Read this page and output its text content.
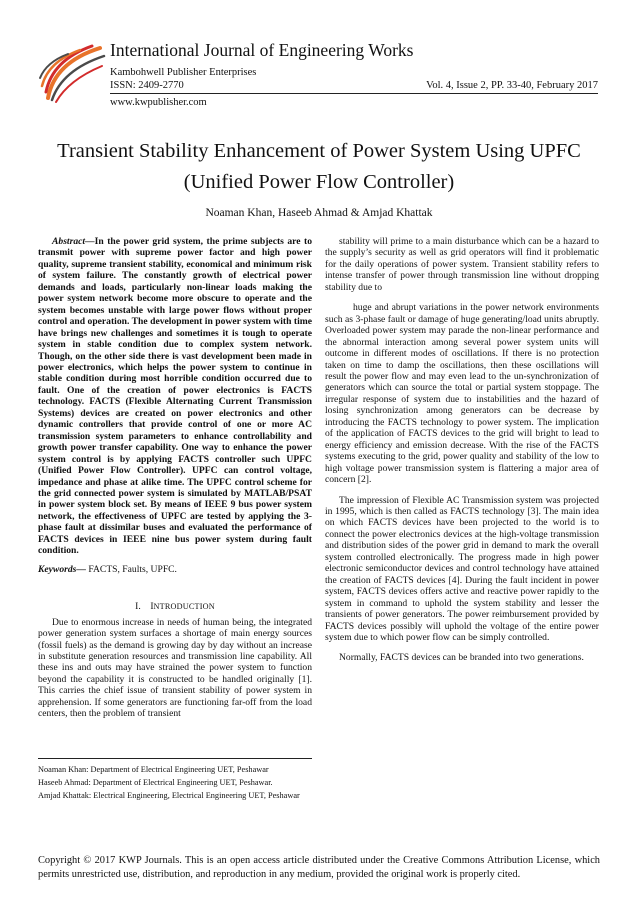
International Journal of Engineering Works
Kambohwell Publisher Enterprises
ISSN: 2409-2770	Vol. 4, Issue 2, PP. 33-40, February 2017
www.kwpublisher.com
Transient Stability Enhancement of Power System Using UPFC
(Unified Power Flow Controller)
Noaman Khan, Haseeb Ahmad & Amjad Khattak

Abstract—In the power grid system, the prime subjects are to transmit power with supreme power factor and high power quality, supreme transient stability, economical and minimum risk of system failure. The constantly growth of electrical power demands and loads, particularly non-linear loads making the power system network become more obscure to operate and the system becomes unstable with large power flows without proper control and operation. The development in power system with time have brings new challenges and sometimes it is tough to operate system in stable condition due to complex system network. Though, on the other side there is vast development been made in power electronics, which helps the power system to continue in stable condition during most horrible condition occurred due to fault. One of the creation of power electronics is FACTS technology. FACTS (Flexible Alternating Current Transmission Systems) devices are created on power electronics and other dynamic controllers that provide control of one or more AC transmission system parameters to enhance controllability and growth power transfer capability. One way to enhance the power system control is by applying FACTS controller such UPFC (Unified Power Flow Controller). UPFC can control voltage, impedance and phase at alike time. The UPFC control scheme for the grid connected power system is simulated by MATLAB/PSAT in power system block set. By means of IEEE 9 bus power system network, the effectiveness of UPFC are tested by applying the 3-phase fault at dissimilar buses and evaluated the performance of FACTS devices in IEEE nine bus power system during fault condition.

Keywords— FACTS, Faults, UPFC.

I. INTRODUCTION

Due to enormous increase in needs of human being, the integrated power generation system surfaces a shortage of main energy sources (fossil fuels) as the demand is growing day by day without an increase in substitute generation resources and transmission line capability. All these ins and outs may have strained the power system to function beyond the capability it is constructed to be handled originally [1]. This carries the chief issue of transient stability of power system in apprehension. If some generators are functioning far-off from the load centers, then the problem of transient

stability will prime to a main disturbance which can be a hazard to the supply’s security as well as grid operators will find it problematic for the daily operations of power system. Transient stability refers to intense transfer of power through transmission line without dropping stability due to

huge and abrupt variations in the power network environments such as 3-phase fault or damage of huge generating/load units abruptly. Overloaded power system may parade the non-linear performance and the abnormal interaction among several power system units will outcome in different modes of oscillations. If there is no protection taken on time to damp the oscillations, then these oscillations will result the power flow and may even lead to the un-synchronization of generators which can source the total or partial system stoppage. The irregular response of system due to instabilities and the hazard of losing synchronization among generators can be decrease by introducing the FACTS technology to power system. The implication of the application of FACTS devices to the grid will bright to lead to energy efficiency and emission decrease. With the rise of the FACTS systems executing to the grid, power quality and stability of the low to high voltage power transmission system is flattering a major area of concern [2].

The impression of Flexible AC Transmission system was projected in 1995, which is then called as FACTS technology [3]. The main idea on which FACTS devices have been projected to the world is to connect the power electronics devices at the high-voltage transmission and distribution sides of the power grid in demand to mark the overall system controlled electronically. The progress made in high power electronic semiconductor devices and control technology have attained the creation of FACTS devices [4]. During the fault incident in power system, FACTS devices offers active and reactive power rapidly to the system in command to uphold the system stability and lesser the transients of power generators. The power reimbursement provided by FACTS devices possibly will uphold the voltage of the entire power system due to which power flow can be simply controlled.

Normally, FACTS devices can be branded into two generations.

Noaman Khan: Department of Electrical Engineering UET, Peshawar
Haseeb Ahmad: Department of Electrical Engineering UET, Peshawar.
Amjad Khattak: Electrical Engineering, Electrical Engineering UET, Peshawar
Copyright © 2017 KWP Journals. This is an open access article distributed under the Creative Commons Attribution License, which permits unrestricted use, distribution, and reproduction in any medium, provided the original work is properly cited.
